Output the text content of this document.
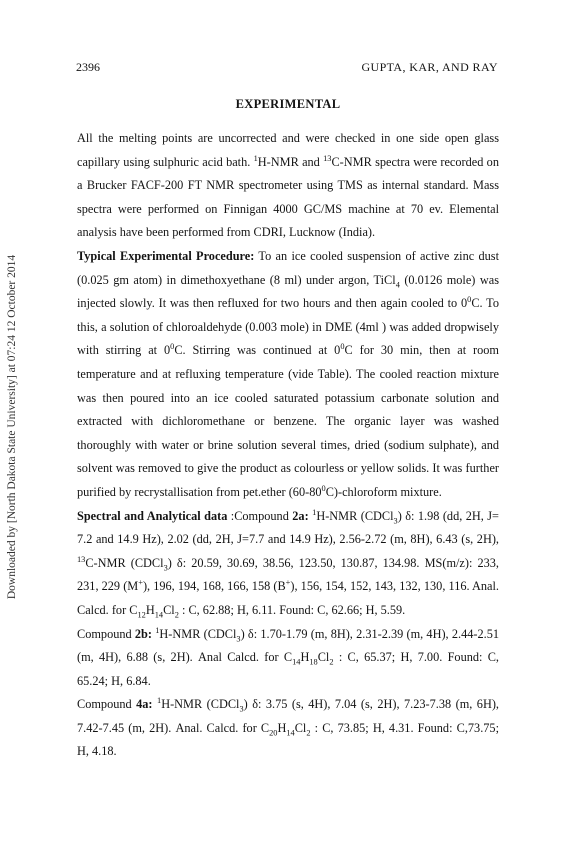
Downloaded by [North Dakota State University] at 07:24 12 October 2014
2396	GUPTA, KAR, AND RAY
EXPERIMENTAL

All the melting points are uncorrected and were checked in one side open glass capillary using sulphuric acid bath. $^1$H-NMR and $^{13}$C-NMR spectra were recorded on a Brucker FACF-200 FT NMR spectrometer using TMS as internal standard. Mass spectra were performed on Finnigan 4000 GC/MS machine at 70 ev. Elemental analysis have been performed from CDRI, Lucknow (India).

Typical Experimental Procedure: To an ice cooled suspension of active zinc dust (0.025 gm atom) in dimethoxyethane (8 ml) under argon, TiCl$_4$ (0.0126 mole) was injected slowly. It was then refluxed for two hours and then again cooled to $0^0C$. To this, a solution of chloroaldehyde (0.003 mole) in DME (4ml ) was added dropwisely with stirring at $0^0C$. Stirring was continued at $0^0C$ for 30 min, then at room temperature and at refluxing temperature (vide Table). The cooled reaction mixture was then poured into an ice cooled saturated potassium carbonate solution and extracted with dichloromethane or benzene. The organic layer was washed thoroughly with water or brine solution several times, dried (sodium sulphate), and solvent was removed to give the product as colourless or yellow solids. It was further purified by recrystallisation from pet.ether $(60-80^0C)$-chloroform mixture.

Spectral and Analytical data :Compound 2a: $^1$H-NMR (CDCl$_3$) δ: 1.98 (dd, 2H, J= 7.2 and 14.9 Hz), 2.02 (dd, 2H, J=7.7 and 14.9 Hz), 2.56-2.72 (m, 8H), 6.43 (s, 2H), $^{13}$C-NMR (CDCl$_3$) δ: 20.59, 30.69, 38.56, 123.50, 130.87, 134.98. MS(m/z): 233, 231, 229 (M+), 196, 194, 168, 166, 158 (B+), 156, 154, 152, 143, 132, 130, 116. Anal. Calcd. for $C_{12}H_{14}Cl_2$ : C, 62.88; H, 6.11. Found: C, 62.66; H, 5.59.

Compound 2b: $^1$H-NMR (CDCl$_3$) δ: 1.70-1.79 (m, 8H), 2.31-2.39 (m, 4H), 2.44-2.51 (m, 4H), 6.88 (s, 2H). Anal Calcd. for $C_{14}H_{18}Cl_2$ : C, 65.37; H, 7.00. Found: C, 65.24; H, 6.84.

Compound 4a: $^1$H-NMR (CDCl$_3$) δ: 3.75 (s, 4H), 7.04 (s, 2H), 7.23-7.38 (m, 6H), 7.42-7.45 (m, 2H). Anal. Calcd. for $C_{20}H_{14}Cl_2$ : C, 73.85; H, 4.31. Found: C,73.75; H, 4.18.
